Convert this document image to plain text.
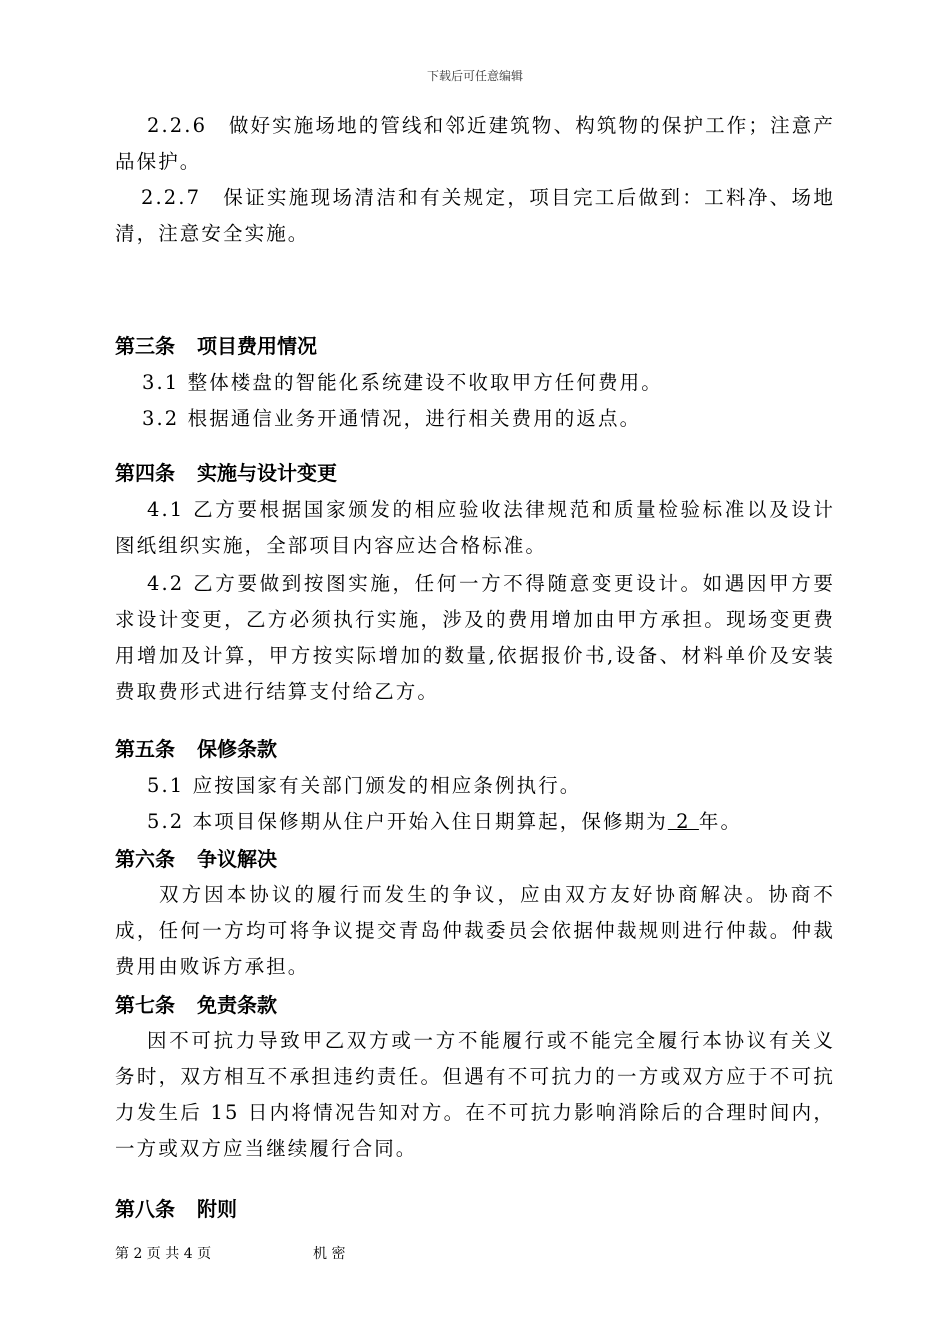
下载后可任意编辑

2.2.6　做好实施场地的管线和邻近建筑物、构筑物的保护工作；注意产品保护。

2.2.7　保证实施现场清洁和有关规定，项目完工后做到：工料净、场地清，注意安全实施。

第三条 项目费用情况

3.1 整体楼盘的智能化系统建设不收取甲方任何费用。

3.2 根据通信业务开通情况，进行相关费用的返点。

第四条 实施与设计变更

4.1 乙方要根据国家颁发的相应验收法律规范和质量检验标准以及设计图纸组织实施，全部项目内容应达合格标准。

4.2 乙方要做到按图实施，任何一方不得随意变更设计。如遇因甲方要求设计变更，乙方必须执行实施，涉及的费用增加由甲方承担。现场变更费用增加及计算，甲方按实际增加的数量,依据报价书,设备、材料单价及安装费取费形式进行结算支付给乙方。

第五条 保修条款

5.1 应按国家有关部门颁发的相应条例执行。

5.2 本项目保修期从住户开始入住日期算起，保修期为 2 年。

第六条 争议解决

双方因本协议的履行而发生的争议，应由双方友好协商解决。协商不成，任何一方均可将争议提交青岛仲裁委员会依据仲裁规则进行仲裁。仲裁费用由败诉方承担。

第七条 免责条款

因不可抗力导致甲乙双方或一方不能履行或不能完全履行本协议有关义务时，双方相互不承担违约责任。但遇有不可抗力的一方或双方应于不可抗力发生后 15 日内将情况告知对方。在不可抗力影响消除后的合理时间内，一方或双方应当继续履行合同。

第八条 附则
第 2 页 共 4 页	机 密
